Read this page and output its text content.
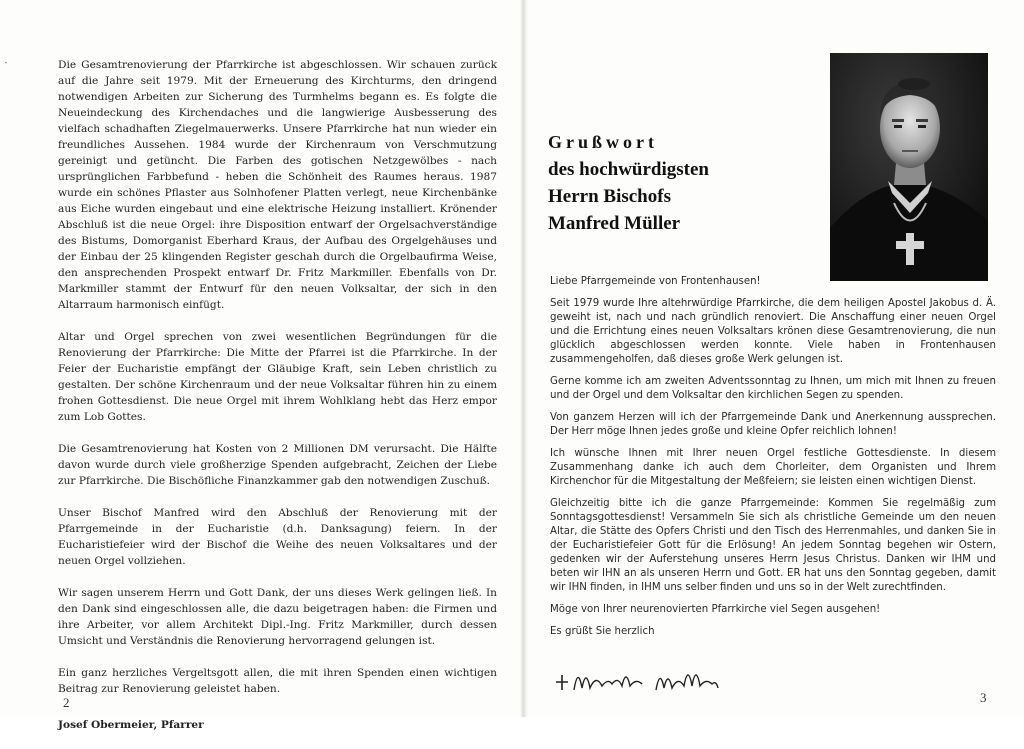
·	Die Gesamtrenovierung der Pfarrkirche ist abgeschlossen. Wir schauen zurück auf die Jahre seit 1979. Mit der Erneuerung des Kirchturms, den dringend notwendigen Arbeiten zur Sicherung des Turmhelms begann es. Es folgte die Neueindeckung des Kirchendaches und die langwierige Ausbesserung des vielfach schadhaften Ziegelmauerwerks. Unsere Pfarrkirche hat nun wieder ein freundliches Aussehen. 1984 wurde der Kirchenraum von Verschmutzung gereinigt und getüncht. Die Farben des gotischen Netzgewölbes - nach ursprünglichen Farbbefund - heben die Schönheit des Raumes heraus. 1987 wurde ein schönes Pflaster aus Solnhofener Platten verlegt, neue Kirchenbänke aus Eiche wurden eingebaut und eine elektrische Heizung installiert. Krönender Abschluß ist die neue Orgel: ihre Disposition entwarf der Orgelsachverständige des Bistums, Domorganist Eberhard Kraus, der Aufbau des Orgelgehäuses und der Einbau der 25 klingenden Register geschah durch die Orgelbaufirma Weise, den ansprechenden Prospekt entwarf Dr. Fritz Markmiller. Ebenfalls von Dr. Markmiller stammt der Entwurf für den neuen Volksaltar, der sich in den Altarraum harmonisch einfügt.

Altar und Orgel sprechen von zwei wesentlichen Begründungen für die Renovierung der Pfarrkirche: Die Mitte der Pfarrei ist die Pfarrkirche. In der Feier der Eucharistie empfängt der Gläubige Kraft, sein Leben christlich zu gestalten. Der schöne Kirchenraum und der neue Volksaltar führen hin zu einem frohen Gottesdienst. Die neue Orgel mit ihrem Wohlklang hebt das Herz empor zum Lob Gottes.

Die Gesamtrenovierung hat Kosten von 2 Millionen DM verursacht. Die Hälfte davon wurde durch viele großherzige Spenden aufgebracht, Zeichen der Liebe zur Pfarrkirche. Die Bischöfliche Finanzkammer gab den notwendigen Zuschuß.

Unser Bischof Manfred wird den Abschluß der Renovierung mit der Pfarrgemeinde in der Eucharistie (d.h. Danksagung) feiern. In der Eucharistiefeier wird der Bischof die Weihe des neuen Volksaltares und der neuen Orgel vollziehen.

Wir sagen unserem Herrn und Gott Dank, der uns dieses Werk gelingen ließ. In den Dank sind eingeschlossen alle, die dazu beigetragen haben: die Firmen und ihre Arbeiter, vor allem Architekt Dipl.-Ing. Fritz Markmiller, durch dessen Umsicht und Verständnis die Renovierung hervorragend gelungen ist.

Ein ganz herzliches Vergeltsgott allen, die mit ihren Spenden einen wichtigen Beitrag zur Renovierung geleistet haben.

Josef Obermeier, Pfarrer

2
Grußwort
des hochwürdigsten
Herrn Bischofs
Manfred Müller

Liebe Pfarrgemeinde von Frontenhausen!

Seit 1979 wurde Ihre altehrwürdige Pfarrkirche, die dem heiligen Apostel Jakobus d. Ä. geweiht ist, nach und nach gründlich renoviert. Die Anschaffung einer neuen Orgel und die Errichtung eines neuen Volksaltars krönen diese Gesamtrenovierung, die nun glücklich abgeschlossen werden konnte. Viele haben in Frontenhausen zusammengeholfen, daß dieses große Werk gelungen ist.

Gerne komme ich am zweiten Adventssonntag zu Ihnen, um mich mit Ihnen zu freuen und der Orgel und dem Volksaltar den kirchlichen Segen zu spenden.

Von ganzem Herzen will ich der Pfarrgemeinde Dank und Anerkennung aussprechen. Der Herr möge Ihnen jedes große und kleine Opfer reichlich lohnen!

Ich wünsche Ihnen mit Ihrer neuen Orgel festliche Gottesdienste. In diesem Zusammenhang danke ich auch dem Chorleiter, dem Organisten und Ihrem Kirchenchor für die Mitgestaltung der Meßfeiern; sie leisten einen wichtigen Dienst.

Gleichzeitig bitte ich die ganze Pfarrgemeinde: Kommen Sie regelmäßig zum Sonntagsgottesdienst! Versammeln Sie sich als christliche Gemeinde um den neuen Altar, die Stätte des Opfers Christi und den Tisch des Herrenmahles, und danken Sie in der Eucharistiefeier Gott für die Erlösung! An jedem Sonntag begehen wir Ostern, gedenken wir der Auferstehung unseres Herrn Jesus Christus. Danken wir IHM und beten wir IHN an als unseren Herrn und Gott. ER hat uns den Sonntag gegeben, damit wir IHN finden, in IHM uns selber finden und uns so in der Welt zurechtfinden.

Möge von Ihrer neurenovierten Pfarrkirche viel Segen ausgehen!

Es grüßt Sie herzlich

3
